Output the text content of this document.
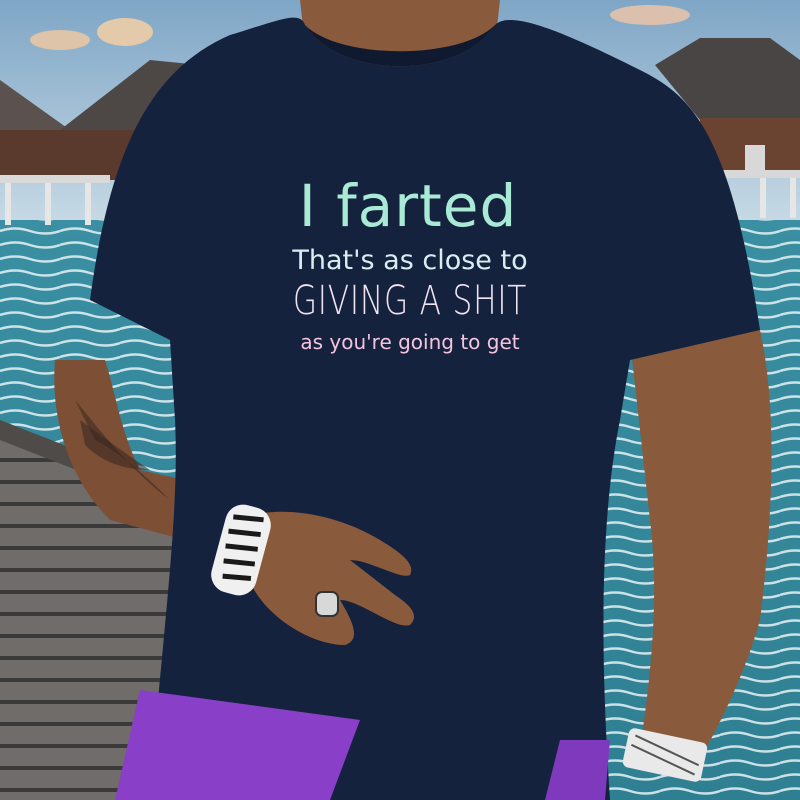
I farted
That's as close to
GIVING A SHIT
as you're going to get
